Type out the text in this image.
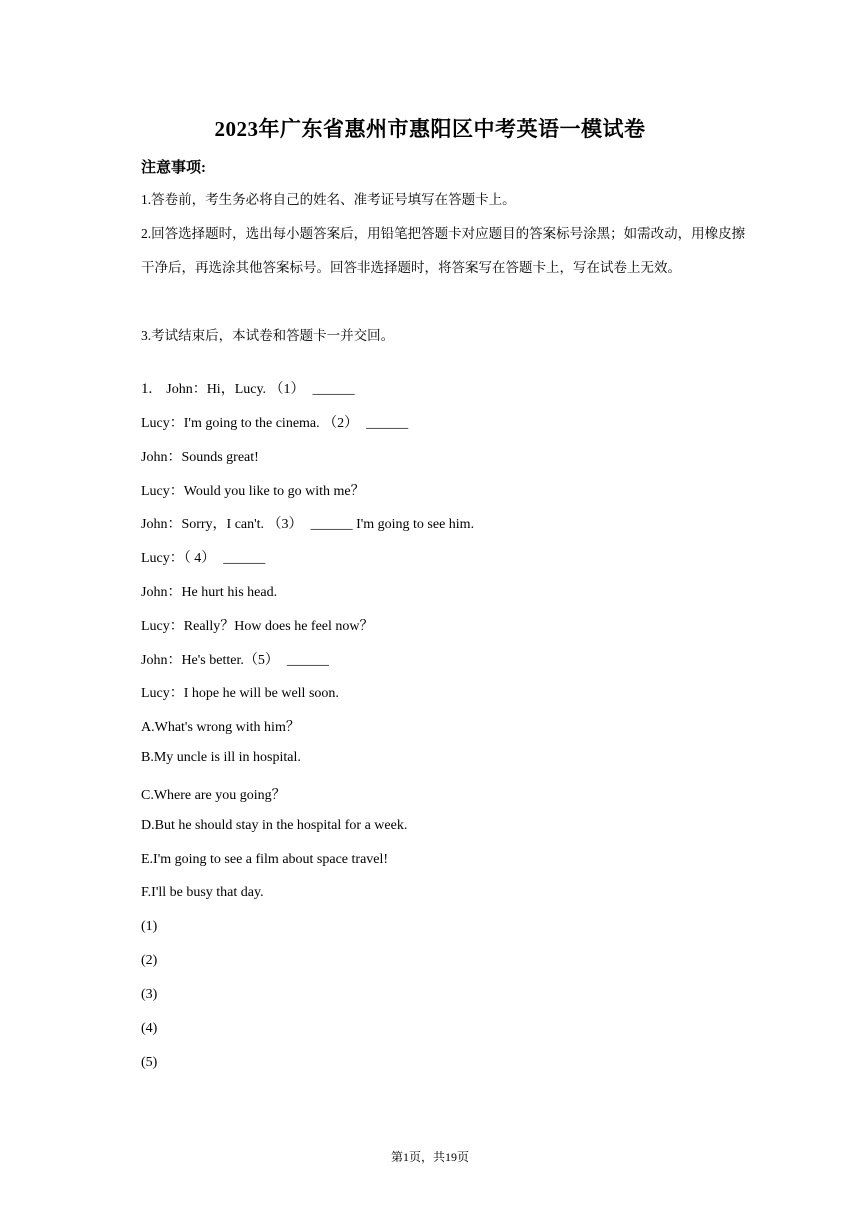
2023年广东省惠州市惠阳区中考英语一模试卷
注意事项:
1.答卷前，考生务必将自己的姓名、准考证号填写在答题卡上。
2.回答选择题时，选出每小题答案后，用铅笔把答题卡对应题目的答案标号涂黑；如需改动，用橡皮擦干净后，再选涂其他答案标号。回答非选择题时，将答案写在答题卡上，写在试卷上无效。
3.考试结束后，本试卷和答题卡一并交回。
1. John：Hi，Lucy. （1） ______
Lucy：I'm going to the cinema. （2） ______
John：Sounds great!
Lucy：Would you like to go with me？
John：Sorry，I can't. （3） ______ I'm going to see him.
Lucy：（ 4） ______
John：He hurt his head.
Lucy：Really？How does he feel now？
John：He's better.（5） ______
Lucy：I hope he will be well soon.
A.What's wrong with him？
B.My uncle is ill in hospital.
C.Where are you going？
D.But he should stay in the hospital for a week.
E.I'm going to see a film about space travel!
F.I'll be busy that day.
(1)
(2)
(3)
(4)
(5)
第1页，共19页
